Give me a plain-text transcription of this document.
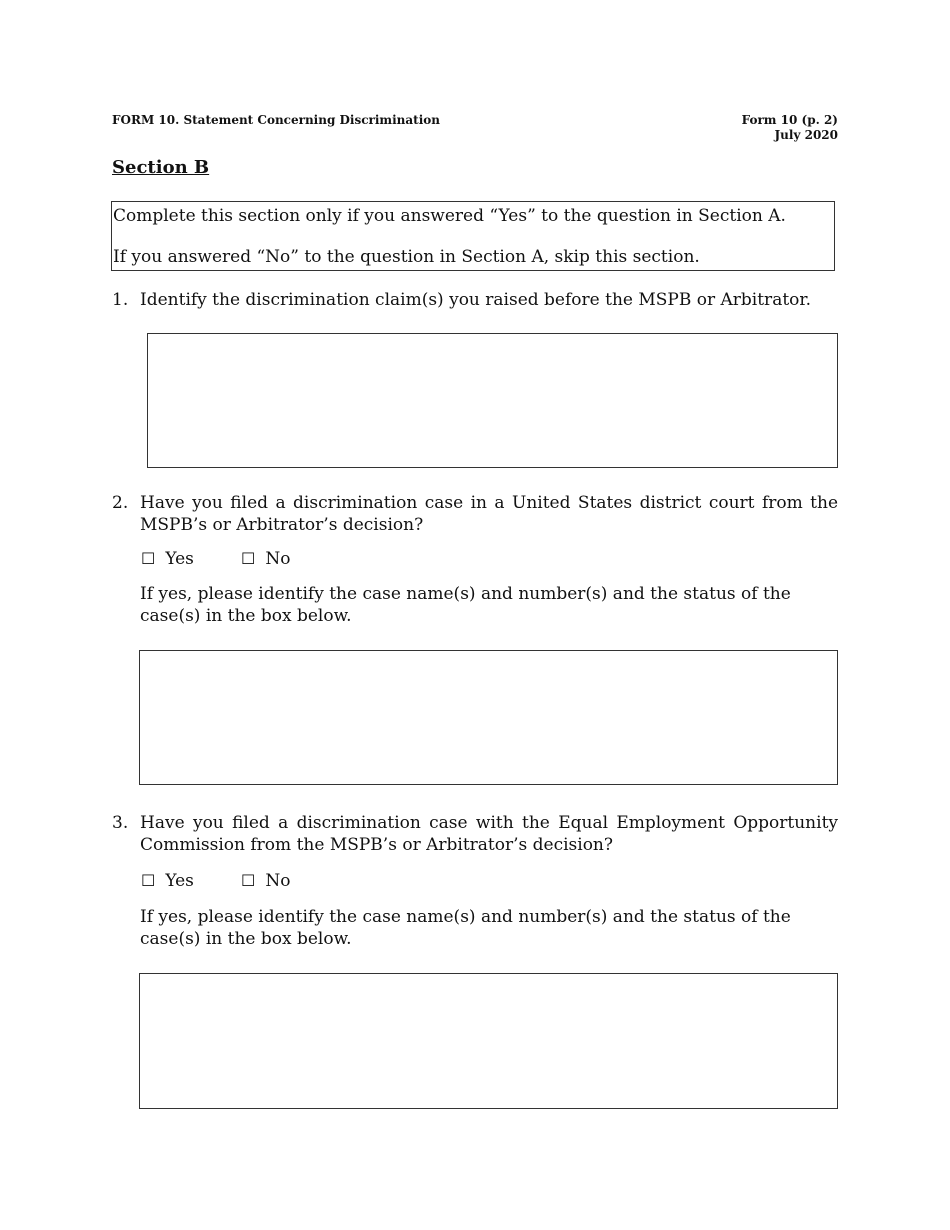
FORM 10. Statement Concerning Discrimination	Form 10 (p. 2)
July 2020
Section B

Complete this section only if you answered “Yes” to the question in Section A.

If you answered “No” to the question in Section A, skip this section.

1. Identify the discrimination claim(s) you raised before the MSPB or Arbitrator.
2. Have you filed a discrimination case in a United States district court from the MSPB’s or Arbitrator’s decision?
☐ Yes	☐ No
If yes, please identify the case name(s) and number(s) and the status of the case(s) in the box below.
3. Have you filed a discrimination case with the Equal Employment Opportunity Commission from the MSPB’s or Arbitrator’s decision?
☐ Yes	☐ No
If yes, please identify the case name(s) and number(s) and the status of the case(s) in the box below.
